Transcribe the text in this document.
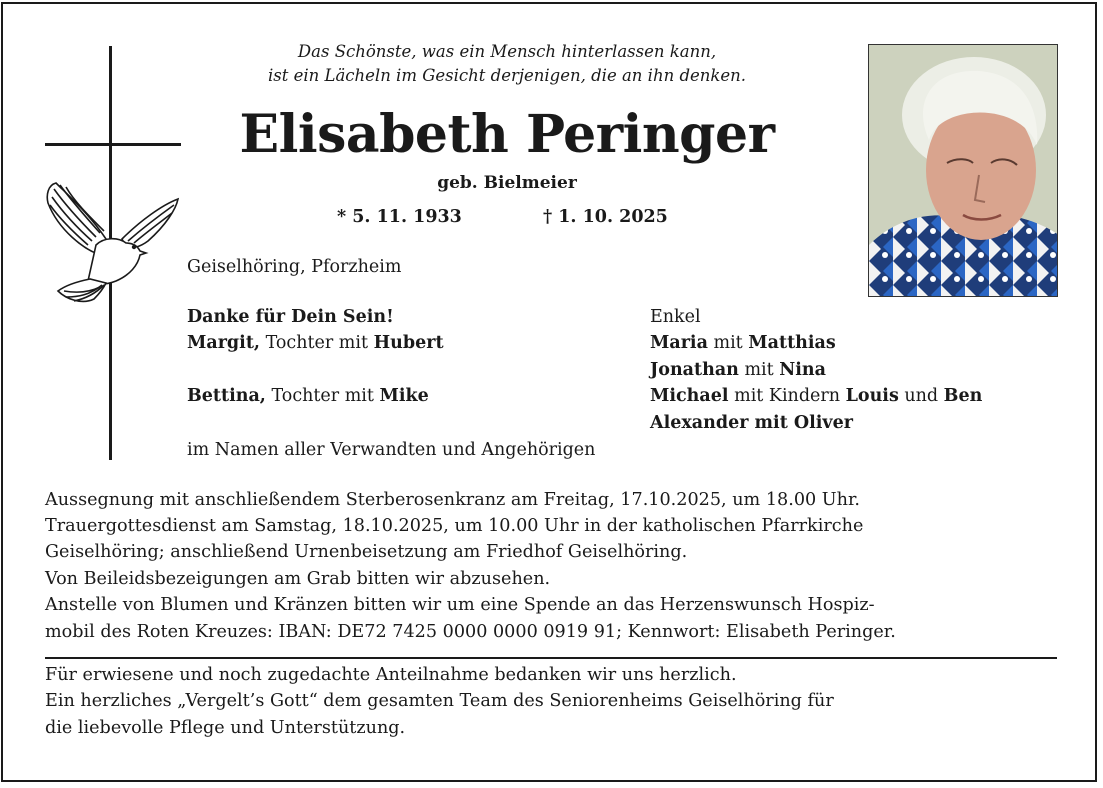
Das Schönste, was ein Mensch hinterlassen kann,
ist ein Lächeln im Gesicht derjenigen, die an ihn denken.
Elisabeth Peringer
geb. Bielmeier
* 5. 11. 1933	† 1. 10. 2025
Geiselhöring, Pforzheim
Danke für Dein Sein!
Margit, Tochter mit Hubert
Bettina, Tochter mit Mike
Enkel
Maria mit Matthias
Jonathan mit Nina
Michael mit Kindern Louis und Ben
Alexander mit Oliver
im Namen aller Verwandten und Angehörigen
Aussegnung mit anschließendem Sterberosenkranz am Freitag, 17.10.2025, um 18.00 Uhr.
Trauergottesdienst am Samstag, 18.10.2025, um 10.00 Uhr in der katholischen Pfarrkirche
Geiselhöring; anschließend Urnenbeisetzung am Friedhof Geiselhöring.
Von Beileidsbezeigungen am Grab bitten wir abzusehen.
Anstelle von Blumen und Kränzen bitten wir um eine Spende an das Herzenswunsch Hospiz-
mobil des Roten Kreuzes: IBAN: DE72 7425 0000 0000 0919 91; Kennwort: Elisabeth Peringer.
Für erwiesene und noch zugedachte Anteilnahme bedanken wir uns herzlich.
Ein herzliches „Vergelt’s Gott“ dem gesamten Team des Seniorenheims Geiselhöring für
die liebevolle Pflege und Unterstützung.
